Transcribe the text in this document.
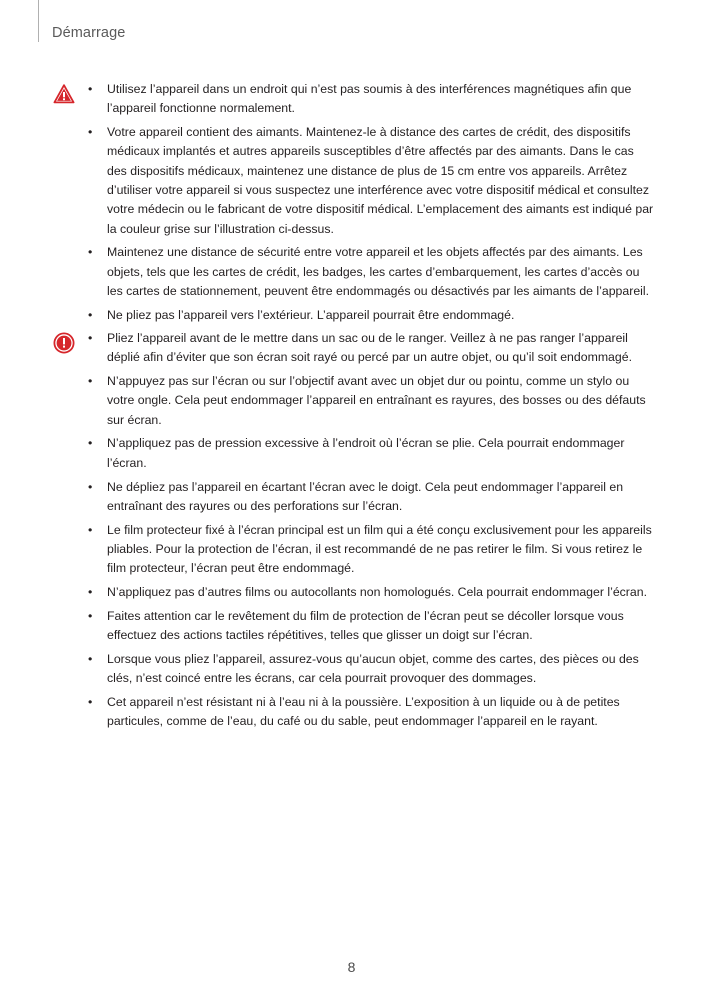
Démarrage
• Utilisez l’appareil dans un endroit qui n’est pas soumis à des interférences magnétiques afin que l’appareil fonctionne normalement.
• Votre appareil contient des aimants. Maintenez-le à distance des cartes de crédit, des dispositifs médicaux implantés et autres appareils susceptibles d’être affectés par des aimants. Dans le cas des dispositifs médicaux, maintenez une distance de plus de 15 cm entre vos appareils. Arrêtez d’utiliser votre appareil si vous suspectez une interférence avec votre dispositif médical et consultez votre médecin ou le fabricant de votre dispositif médical. L’emplacement des aimants est indiqué par la couleur grise sur l’illustration ci-dessus.
• Maintenez une distance de sécurité entre votre appareil et les objets affectés par des aimants. Les objets, tels que les cartes de crédit, les badges, les cartes d’embarquement, les cartes d’accès ou les cartes de stationnement, peuvent être endommagés ou désactivés par les aimants de l’appareil.
• Ne pliez pas l’appareil vers l’extérieur. L’appareil pourrait être endommagé.
• Pliez l’appareil avant de le mettre dans un sac ou de le ranger. Veillez à ne pas ranger l’appareil déplié afin d’éviter que son écran soit rayé ou percé par un autre objet, ou qu’il soit endommagé.
• N’appuyez pas sur l’écran ou sur l’objectif avant avec un objet dur ou pointu, comme un stylo ou votre ongle. Cela peut endommager l’appareil en entraînant es rayures, des bosses ou des défauts sur écran.
• N’appliquez pas de pression excessive à l’endroit où l’écran se plie. Cela pourrait endommager l’écran.
• Ne dépliez pas l’appareil en écartant l’écran avec le doigt. Cela peut endommager l’appareil en entraînant des rayures ou des perforations sur l’écran.
• Le film protecteur fixé à l’écran principal est un film qui a été conçu exclusivement pour les appareils pliables. Pour la protection de l’écran, il est recommandé de ne pas retirer le film. Si vous retirez le film protecteur, l’écran peut être endommagé.
• N’appliquez pas d’autres films ou autocollants non homologués. Cela pourrait endommager l’écran.
• Faites attention car le revêtement du film de protection de l’écran peut se décoller lorsque vous effectuez des actions tactiles répétitives, telles que glisser un doigt sur l’écran.
• Lorsque vous pliez l’appareil, assurez-vous qu’aucun objet, comme des cartes, des pièces ou des clés, n’est coincé entre les écrans, car cela pourrait provoquer des dommages.
• Cet appareil n’est résistant ni à l’eau ni à la poussière. L’exposition à un liquide ou à de petites particules, comme de l’eau, du café ou du sable, peut endommager l’appareil en le rayant.
8
